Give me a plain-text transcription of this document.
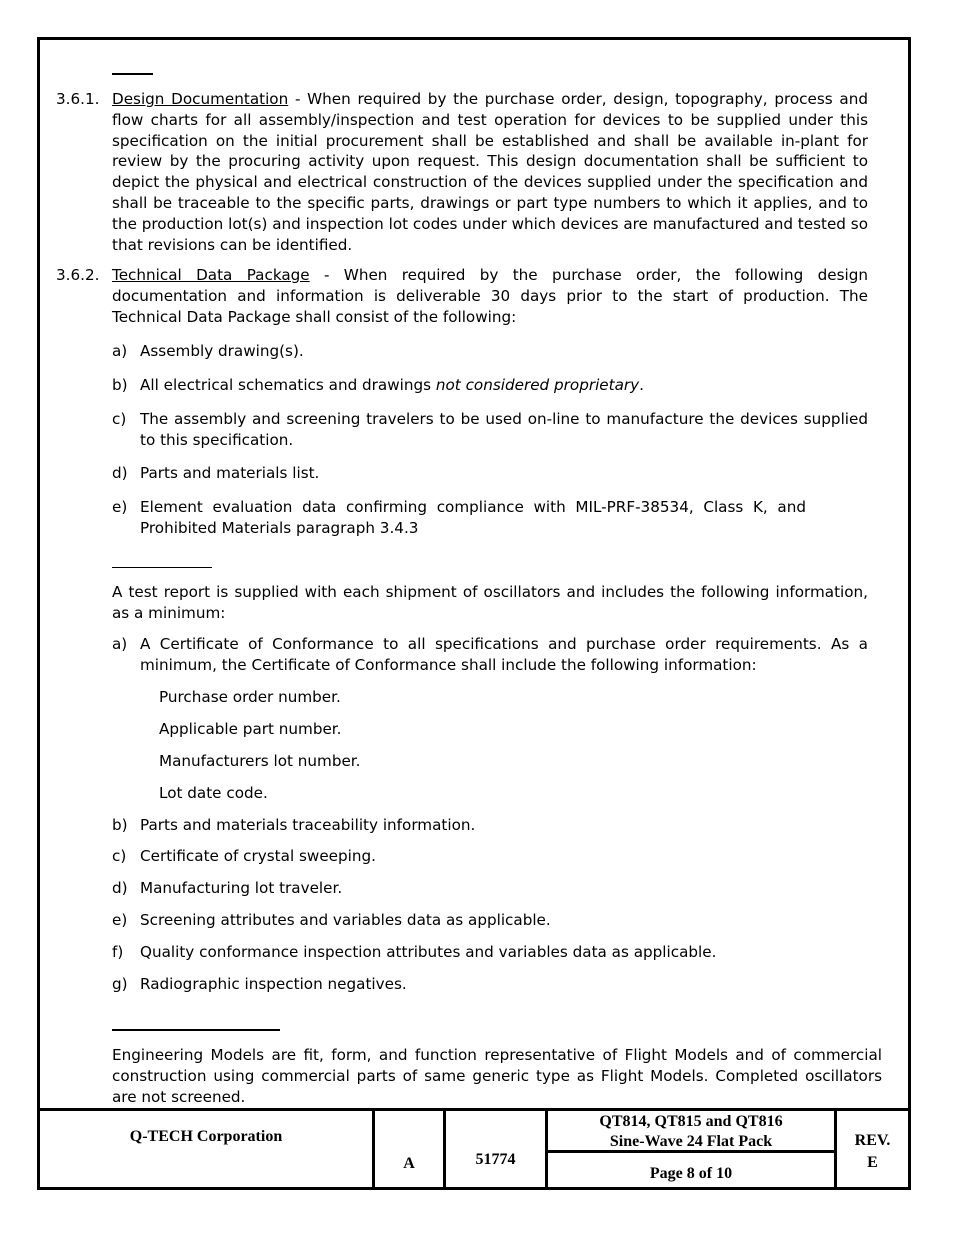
3.6.1. Design Documentation - When required by the purchase order, design, topography, process and flow charts for all assembly/inspection and test operation for devices to be supplied under this specification on the initial procurement shall be established and shall be available in-plant for review by the procuring activity upon request. This design documentation shall be sufficient to depict the physical and electrical construction of the devices supplied under the specification and shall be traceable to the specific parts, drawings or part type numbers to which it applies, and to the production lot(s) and inspection lot codes under which devices are manufactured and tested so that revisions can be identified.
3.6.2. Technical Data Package - When required by the purchase order, the following design documentation and information is deliverable 30 days prior to the start of production. The Technical Data Package shall consist of the following:
a) Assembly drawing(s).
b) All electrical schematics and drawings not considered proprietary.
c) The assembly and screening travelers to be used on-line to manufacture the devices supplied to this specification.
d) Parts and materials list.
e) Element evaluation data confirming compliance with MIL-PRF-38534, Class K, and Prohibited Materials paragraph 3.4.3
A test report is supplied with each shipment of oscillators and includes the following information, as a minimum:
a) A Certificate of Conformance to all specifications and purchase order requirements. As a minimum, the Certificate of Conformance shall include the following information:
Purchase order number.
Applicable part number.
Manufacturers lot number.
Lot date code.
b) Parts and materials traceability information.
c) Certificate of crystal sweeping.
d) Manufacturing lot traveler.
e) Screening attributes and variables data as applicable.
f) Quality conformance inspection attributes and variables data as applicable.
g) Radiographic inspection negatives.
Engineering Models are fit, form, and function representative of Flight Models and of commercial construction using commercial parts of same generic type as Flight Models. Completed oscillators are not screened.
Q-TECH Corporation
A	51774
QT814, QT815 and QT816
Sine-Wave 24 Flat Pack
Page 8 of 10
REV.
E
